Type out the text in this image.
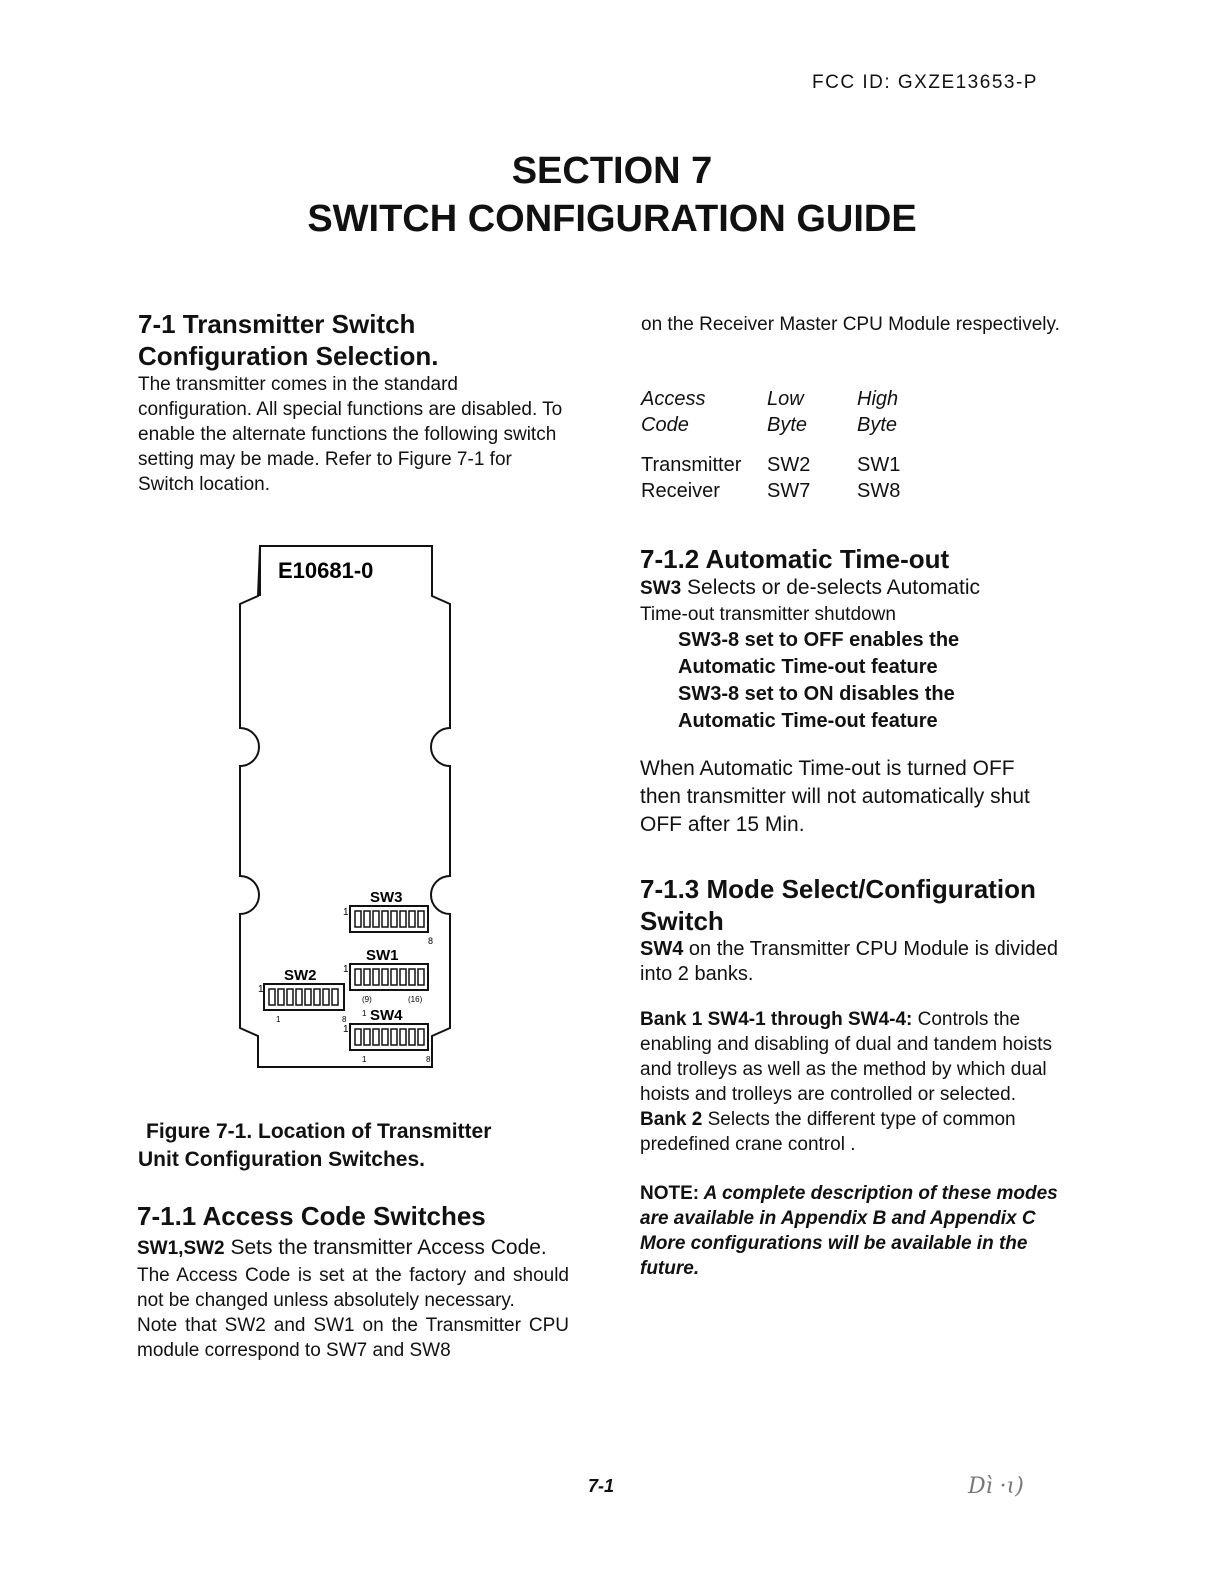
FCC ID: GXZE13653-P
SECTION 7
SWITCH CONFIGURATION GUIDE
7-1 Transmitter Switch
Configuration Selection.
The transmitter comes in the standard configuration. All special functions are disabled. To enable the alternate functions the following switch setting may be made. Refer to Figure 7-1 for Switch location.
E10681-0
SW3
1
8
SW1
1
SW2
1
1	8
(9)	(16)
1 SW4
1
1	8
Figure 7-1. Location of Transmitter
Unit Configuration Switches.
7-1.1 Access Code Switches
SW1,SW2 Sets the transmitter Access Code.
The Access Code is set at the factory and should not be changed unless absolutely necessary.
Note that SW2 and SW1 on the Transmitter CPU module correspond to SW7 and SW8
on the Receiver Master CPU Module respectively.
Access	Low	High
Code	Byte	Byte

Transmitter	SW2	SW1
Receiver	SW7	SW8
7-1.2 Automatic Time-out
SW3 Selects or de-selects Automatic
Time-out transmitter shutdown
SW3-8 set to OFF enables the
Automatic Time-out feature
SW3-8 set to ON disables the
Automatic Time-out feature
When Automatic Time-out is turned OFF then transmitter will not automatically shut OFF after 15 Min.
7-1.3 Mode Select/Configuration
Switch
SW4 on the Transmitter CPU Module is divided into 2 banks.
Bank 1 SW4-1 through SW4-4: Controls the enabling and disabling of dual and tandem hoists and trolleys as well as the method by which dual hoists and trolleys are controlled or selected.
Bank 2 Selects the different type of common predefined crane control .
NOTE: A complete description of these modes are available in Appendix B and Appendix C
More configurations will be available in the future.
7-1	Dì ·ɩ)
